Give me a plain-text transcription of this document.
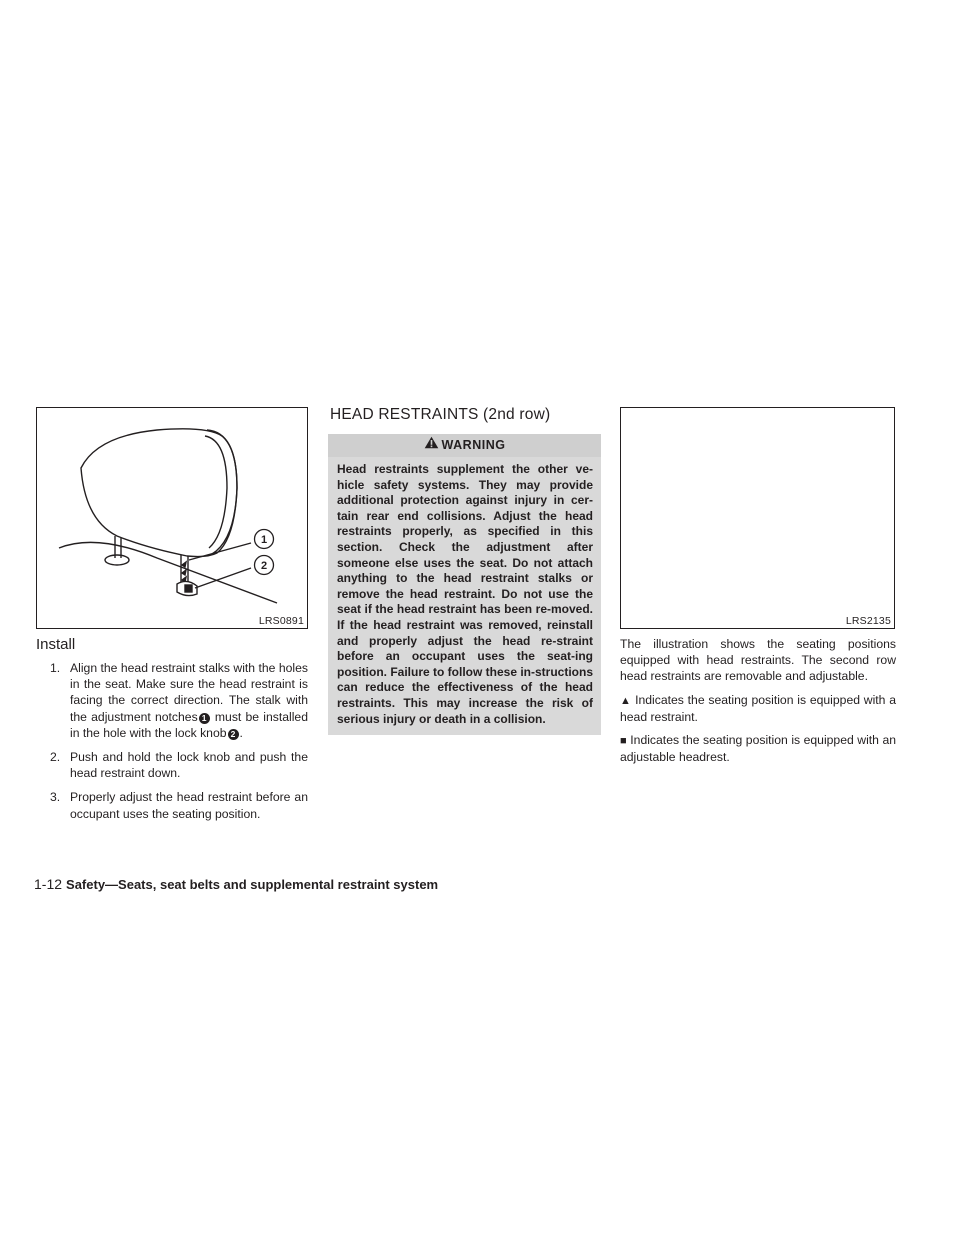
1
2
LRS0891
Install
1. Align the head restraint stalks with the holes in the seat. Make sure the head restraint is facing the correct direction. The stalk with the adjustment notches 1 must be installed in the hole with the lock knob 2 .
2. Push and hold the lock knob and push the head restraint down.
3. Properly adjust the head restraint before an occupant uses the seating position.
HEAD RESTRAINTS (2nd row)
WARNING
Head restraints supplement the other ve-hicle safety systems. They may provide additional protection against injury in cer-tain rear end collisions. Adjust the head restraints properly, as specified in this section. Check the adjustment after someone else uses the seat. Do not attach anything to the head restraint stalks or remove the head restraint. Do not use the seat if the head restraint has been re-moved. If the head restraint was removed, reinstall and properly adjust the head re-straint before an occupant uses the seat-ing position. Failure to follow these in-structions can reduce the effectiveness of the head restraints. This may increase the risk of serious injury or death in a collision.
LRS2135

The illustration shows the seating positions equipped with head restraints. The second row head restraints are removable and adjustable.

▲ Indicates the seating position is equipped with a head restraint.

■ Indicates the seating position is equipped with an adjustable headrest.

1-12 Safety—Seats, seat belts and supplemental restraint system
